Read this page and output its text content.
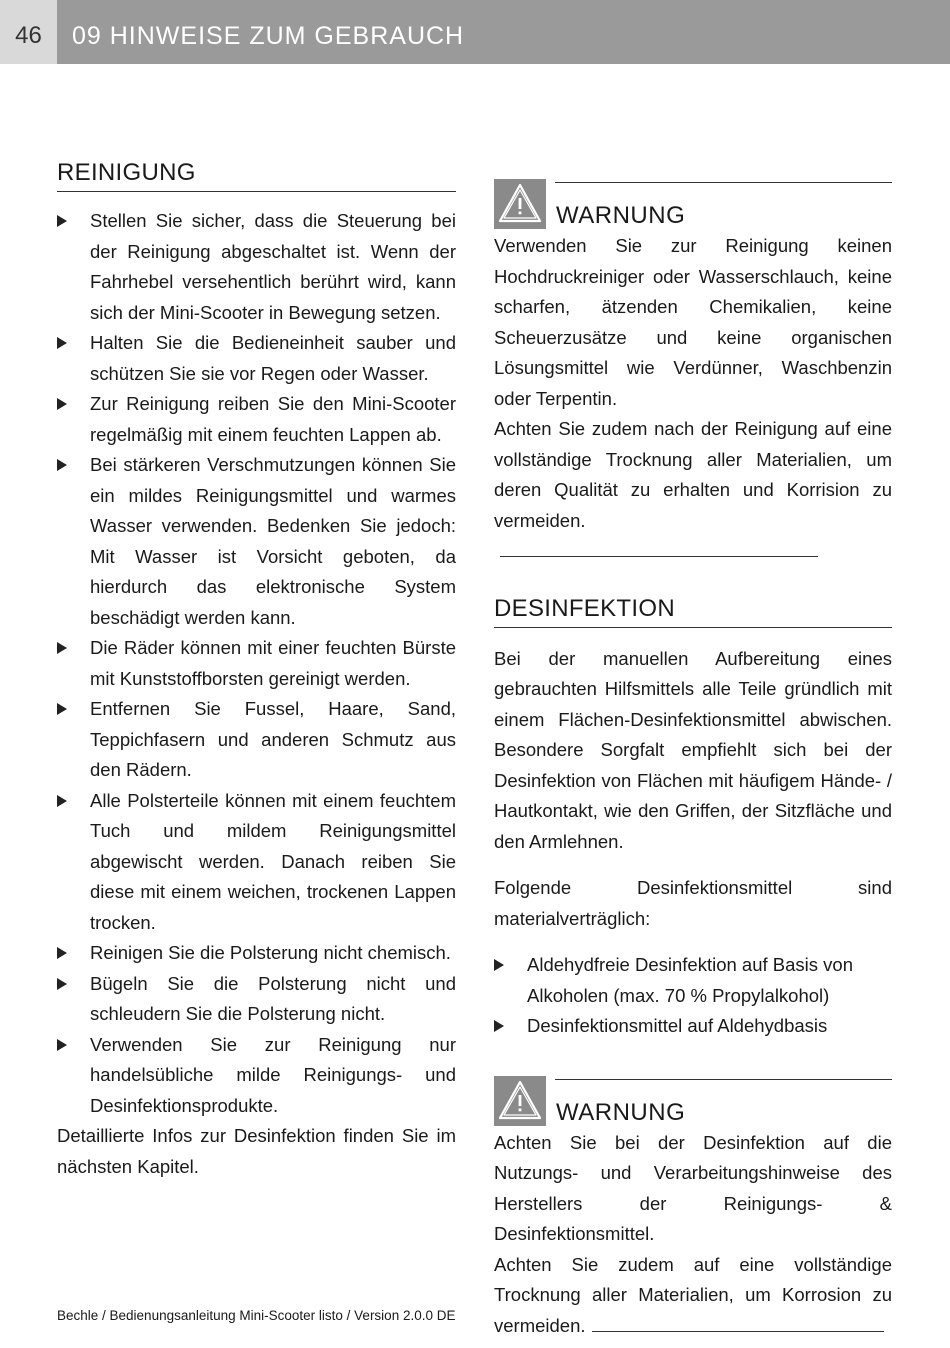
46	09 HINWEISE ZUM GEBRAUCH
REINIGUNG
Stellen Sie sicher, dass die Steuerung bei der Reinigung abgeschaltet ist. Wenn der Fahrhebel versehentlich berührt wird, kann sich der Mini-Scooter in Bewegung setzen.
Halten Sie die Bedieneinheit sauber und schützen Sie sie vor Regen oder Wasser.
Zur Reinigung reiben Sie den Mini-Scooter regelmäßig mit einem feuchten Lappen ab.
Bei stärkeren Verschmutzungen können Sie ein mildes Reinigungsmittel und warmes Wasser verwenden. Bedenken Sie jedoch: Mit Wasser ist Vorsicht geboten, da hierdurch das elektronische System beschädigt werden kann.
Die Räder können mit einer feuchten Bürste mit Kunststoffborsten gereinigt werden.
Entfernen Sie Fussel, Haare, Sand, Teppichfasern und anderen Schmutz aus den Rädern.
Alle Polsterteile können mit einem feuchtem Tuch und mildem Reinigungsmittel abgewischt werden. Danach reiben Sie diese mit einem weichen, trockenen Lappen trocken.
Reinigen Sie die Polsterung nicht chemisch.
Bügeln Sie die Polsterung nicht und schleudern Sie die Polsterung nicht.
Verwenden Sie zur Reinigung nur handelsübliche milde Reinigungs- und Desinfektionsprodukte.

Detaillierte Infos zur Desinfektion finden Sie im nächsten Kapitel.

WARNUNG

Verwenden Sie zur Reinigung keinen Hochdruckreiniger oder Wasserschlauch, keine scharfen, ätzenden Chemikalien, keine Scheuerzusätze und keine organischen Lösungsmittel wie Verdünner, Waschbenzin oder Terpentin.

Achten Sie zudem nach der Reinigung auf eine vollständige Trocknung aller Materialien, um deren Qualität zu erhalten und Korrision zu vermeiden.

DESINFEKTION

Bei der manuellen Aufbereitung eines gebrauchten Hilfsmittels alle Teile gründlich mit einem Flächen-Desinfektionsmittel abwischen. Besondere Sorgfalt empfiehlt sich bei der Desinfektion von Flächen mit häufigem Hände- / Hautkontakt, wie den Griffen, der Sitzfläche und den Armlehnen.

Folgende Desinfektionsmittel sind materialverträglich:

Aldehydfreie Desinfektion auf Basis von Alkoholen (max. 70 % Propylalkohol)
Desinfektionsmittel auf Aldehydbasis
WARNUNG

Achten Sie bei der Desinfektion auf die Nutzungs- und Verarbeitungshinweise des Herstellers der Reinigungs- & Desinfektionsmittel.

Achten Sie zudem auf eine vollständige Trocknung aller Materialien, um Korrosion zu vermeiden.

Bechle / Bedienungsanleitung Mini-Scooter listo / Version 2.0.0 DE
